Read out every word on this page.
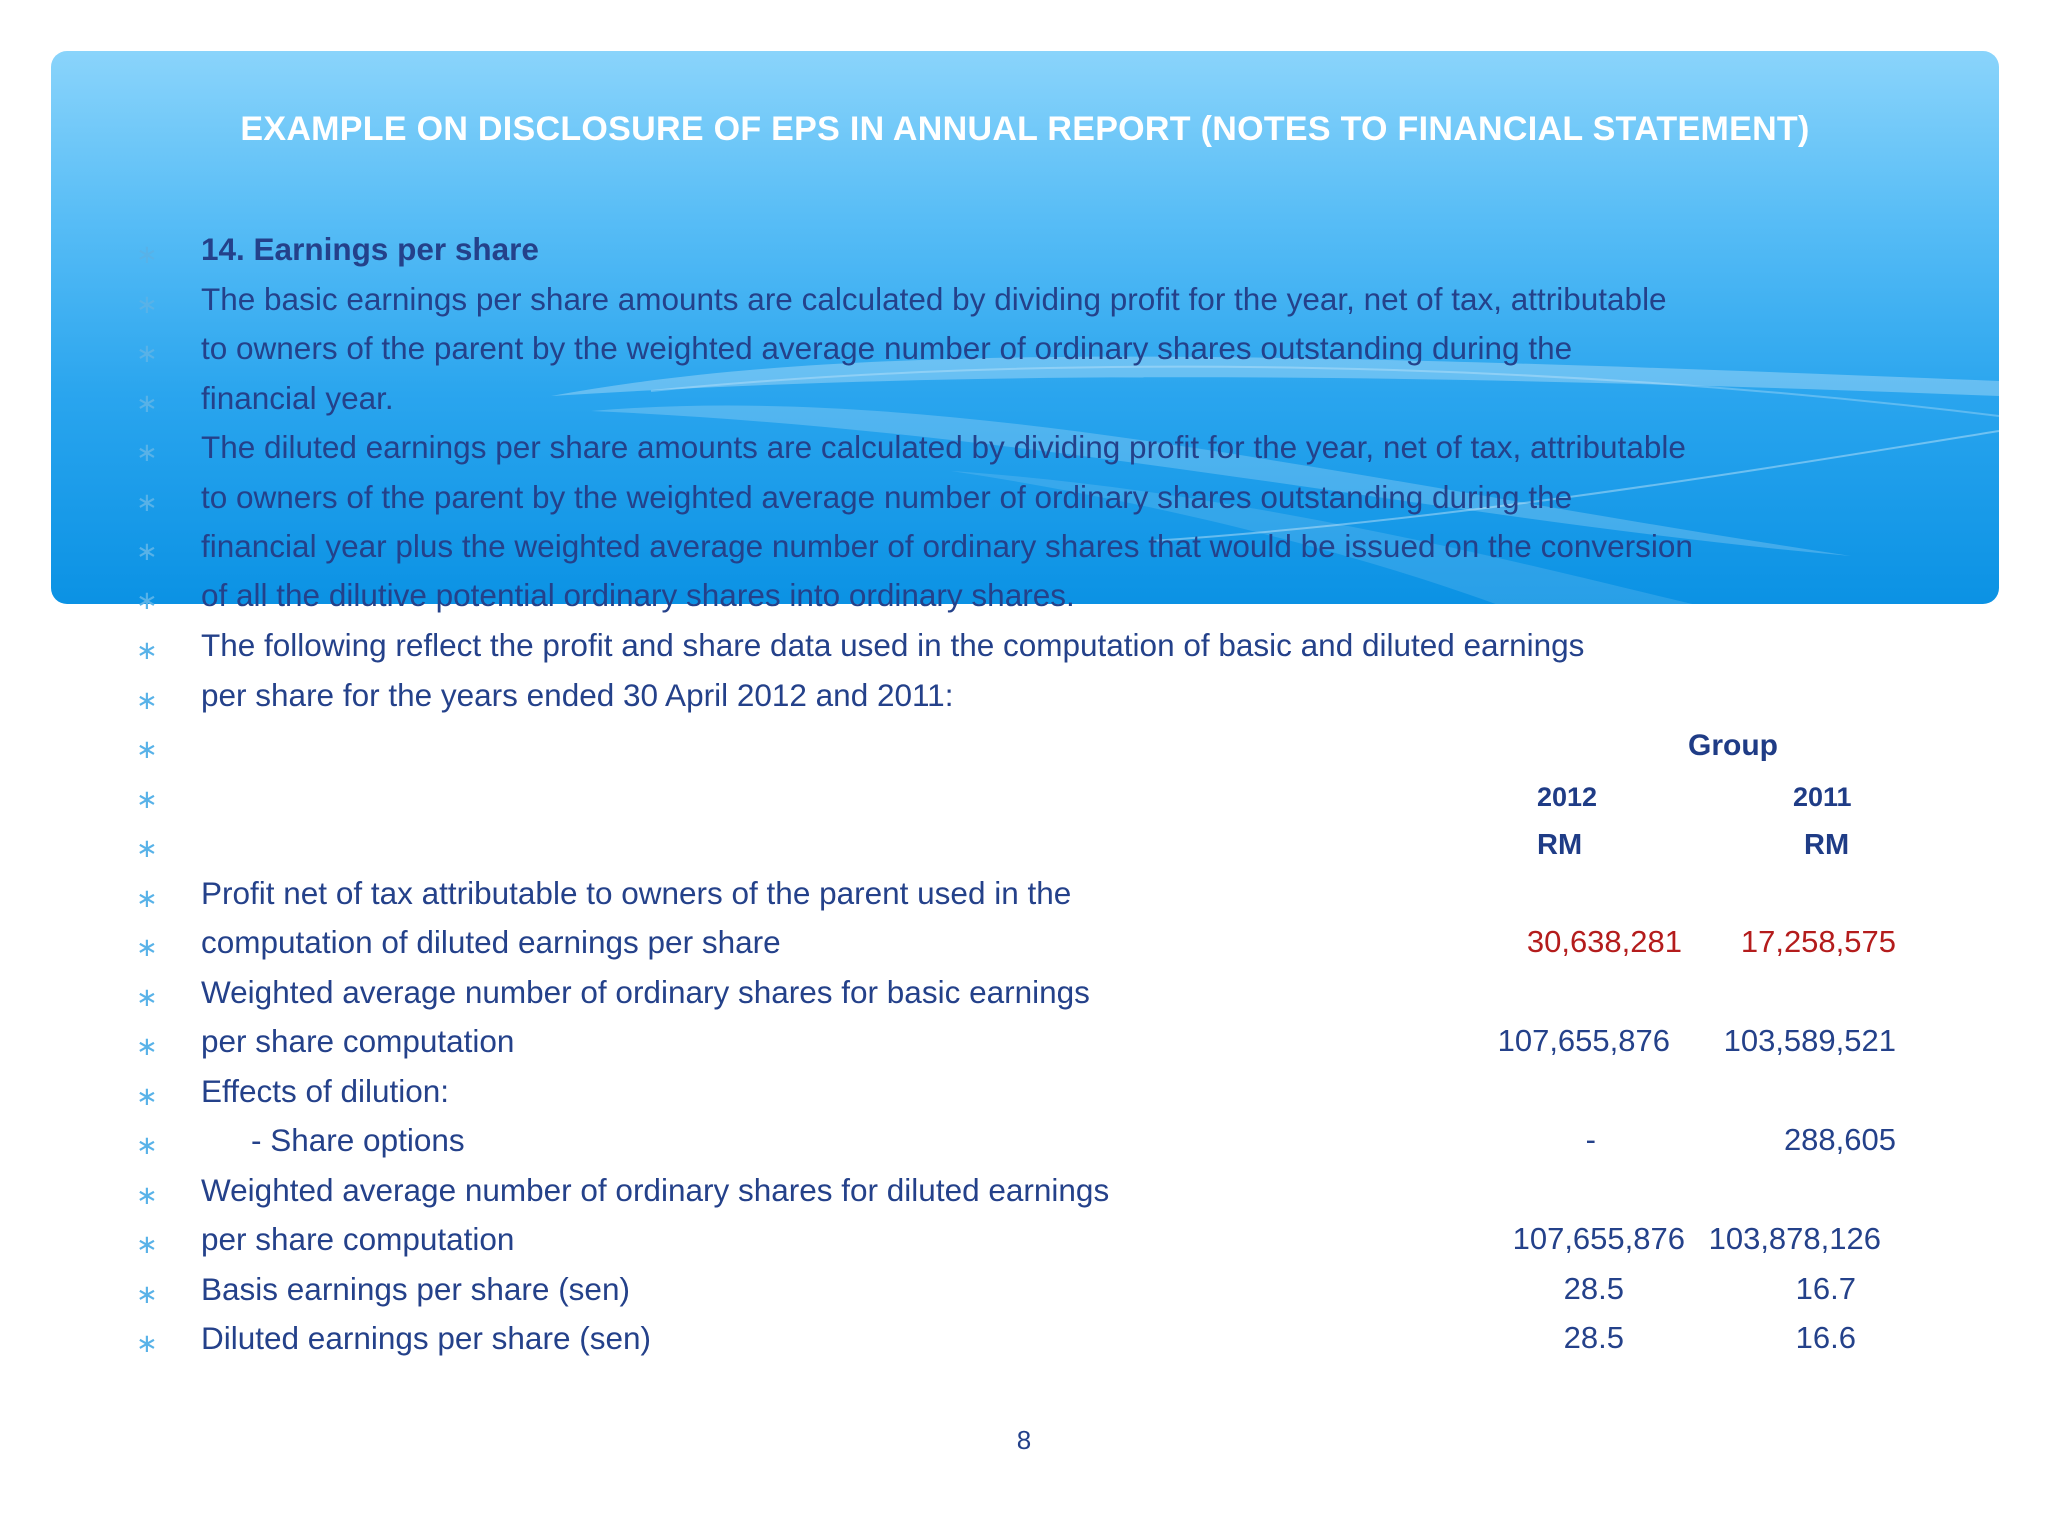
EXAMPLE ON DISCLOSURE OF EPS IN ANNUAL REPORT (NOTES TO FINANCIAL STATEMENT)
∗ 14. Earnings per share
∗ The basic earnings per share amounts are calculated by dividing profit for the year, net of tax, attributable
∗ to owners of the parent by the weighted average number of ordinary shares outstanding during the
∗ financial year.
∗ The diluted earnings per share amounts are calculated by dividing profit for the year, net of tax, attributable
∗ to owners of the parent by the weighted average number of ordinary shares outstanding during the
∗ financial year plus the weighted average number of ordinary shares that would be issued on the conversion
∗ of all the dilutive potential ordinary shares into ordinary shares.
∗ The following reflect the profit and share data used in the computation of basic and diluted earnings
∗ per share for the years ended 30 April 2012 and 2011:
∗	Group
∗	2012	2011
∗	RM	RM
∗ Profit net of tax attributable to owners of the parent used in the
∗ computation of diluted earnings per share	30,638,281 17,258,575
∗ Weighted average number of ordinary shares for basic earnings
∗ per share computation	107,655,876 103,589,521
∗ Effects of dilution:
∗	- Share options	-	288,605
∗ Weighted average number of ordinary shares for diluted earnings
∗ per share computation	107,655,876 103,878,126
∗ Basis earnings per share (sen)	28.5	16.7
∗ Diluted earnings per share (sen)	28.5	16.6
8
